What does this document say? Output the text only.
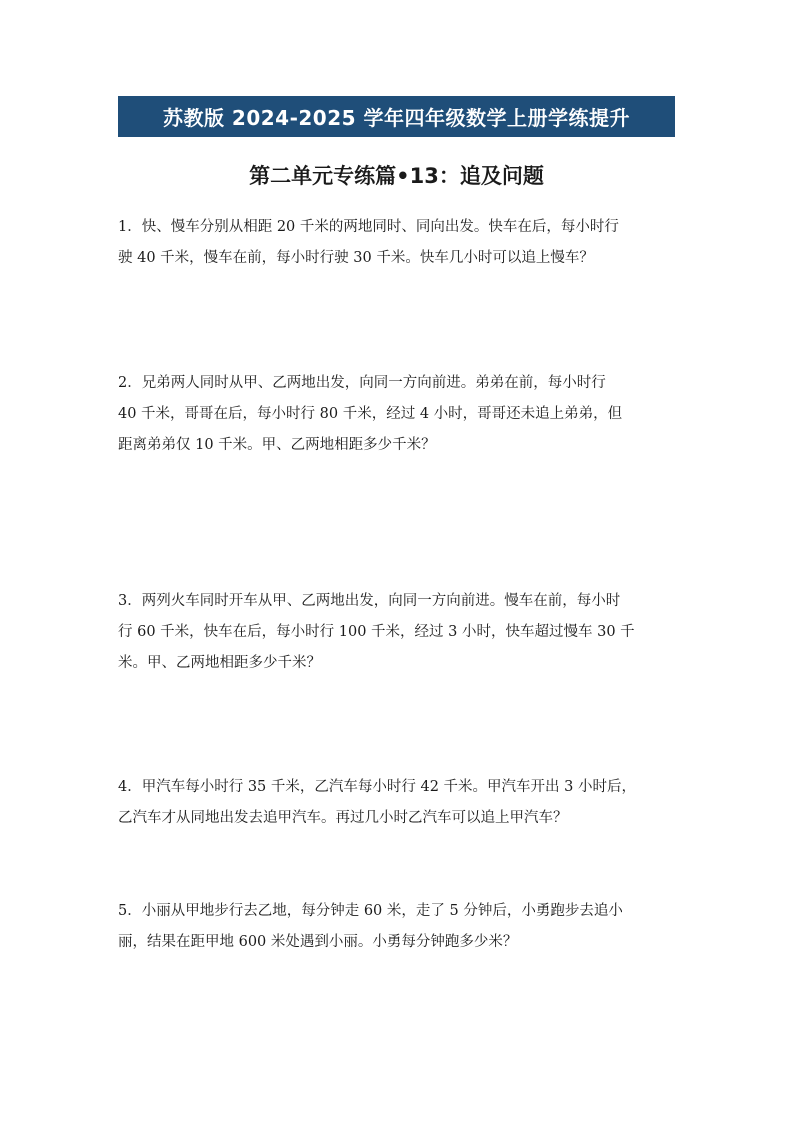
苏教版 2024-2025 学年四年级数学上册学练提升
第二单元专练篇•13：追及问题
1．快、慢车分别从相距 20 千米的两地同时、同向出发。快车在后，每小时行
驶 40 千米，慢车在前，每小时行驶 30 千米。快车几小时可以追上慢车？
2．兄弟两人同时从甲、乙两地出发，向同一方向前进。弟弟在前，每小时行
40 千米，哥哥在后，每小时行 80 千米，经过 4 小时，哥哥还未追上弟弟，但
距离弟弟仅 10 千米。甲、乙两地相距多少千米？
3．两列火车同时开车从甲、乙两地出发，向同一方向前进。慢车在前，每小时
行 60 千米，快车在后，每小时行 100 千米，经过 3 小时，快车超过慢车 30 千
米。甲、乙两地相距多少千米？
4．甲汽车每小时行 35 千米，乙汽车每小时行 42 千米。甲汽车开出 3 小时后，
乙汽车才从同地出发去追甲汽车。再过几小时乙汽车可以追上甲汽车？
5．小丽从甲地步行去乙地，每分钟走 60 米，走了 5 分钟后，小勇跑步去追小
丽，结果在距甲地 600 米处遇到小丽。小勇每分钟跑多少米？
